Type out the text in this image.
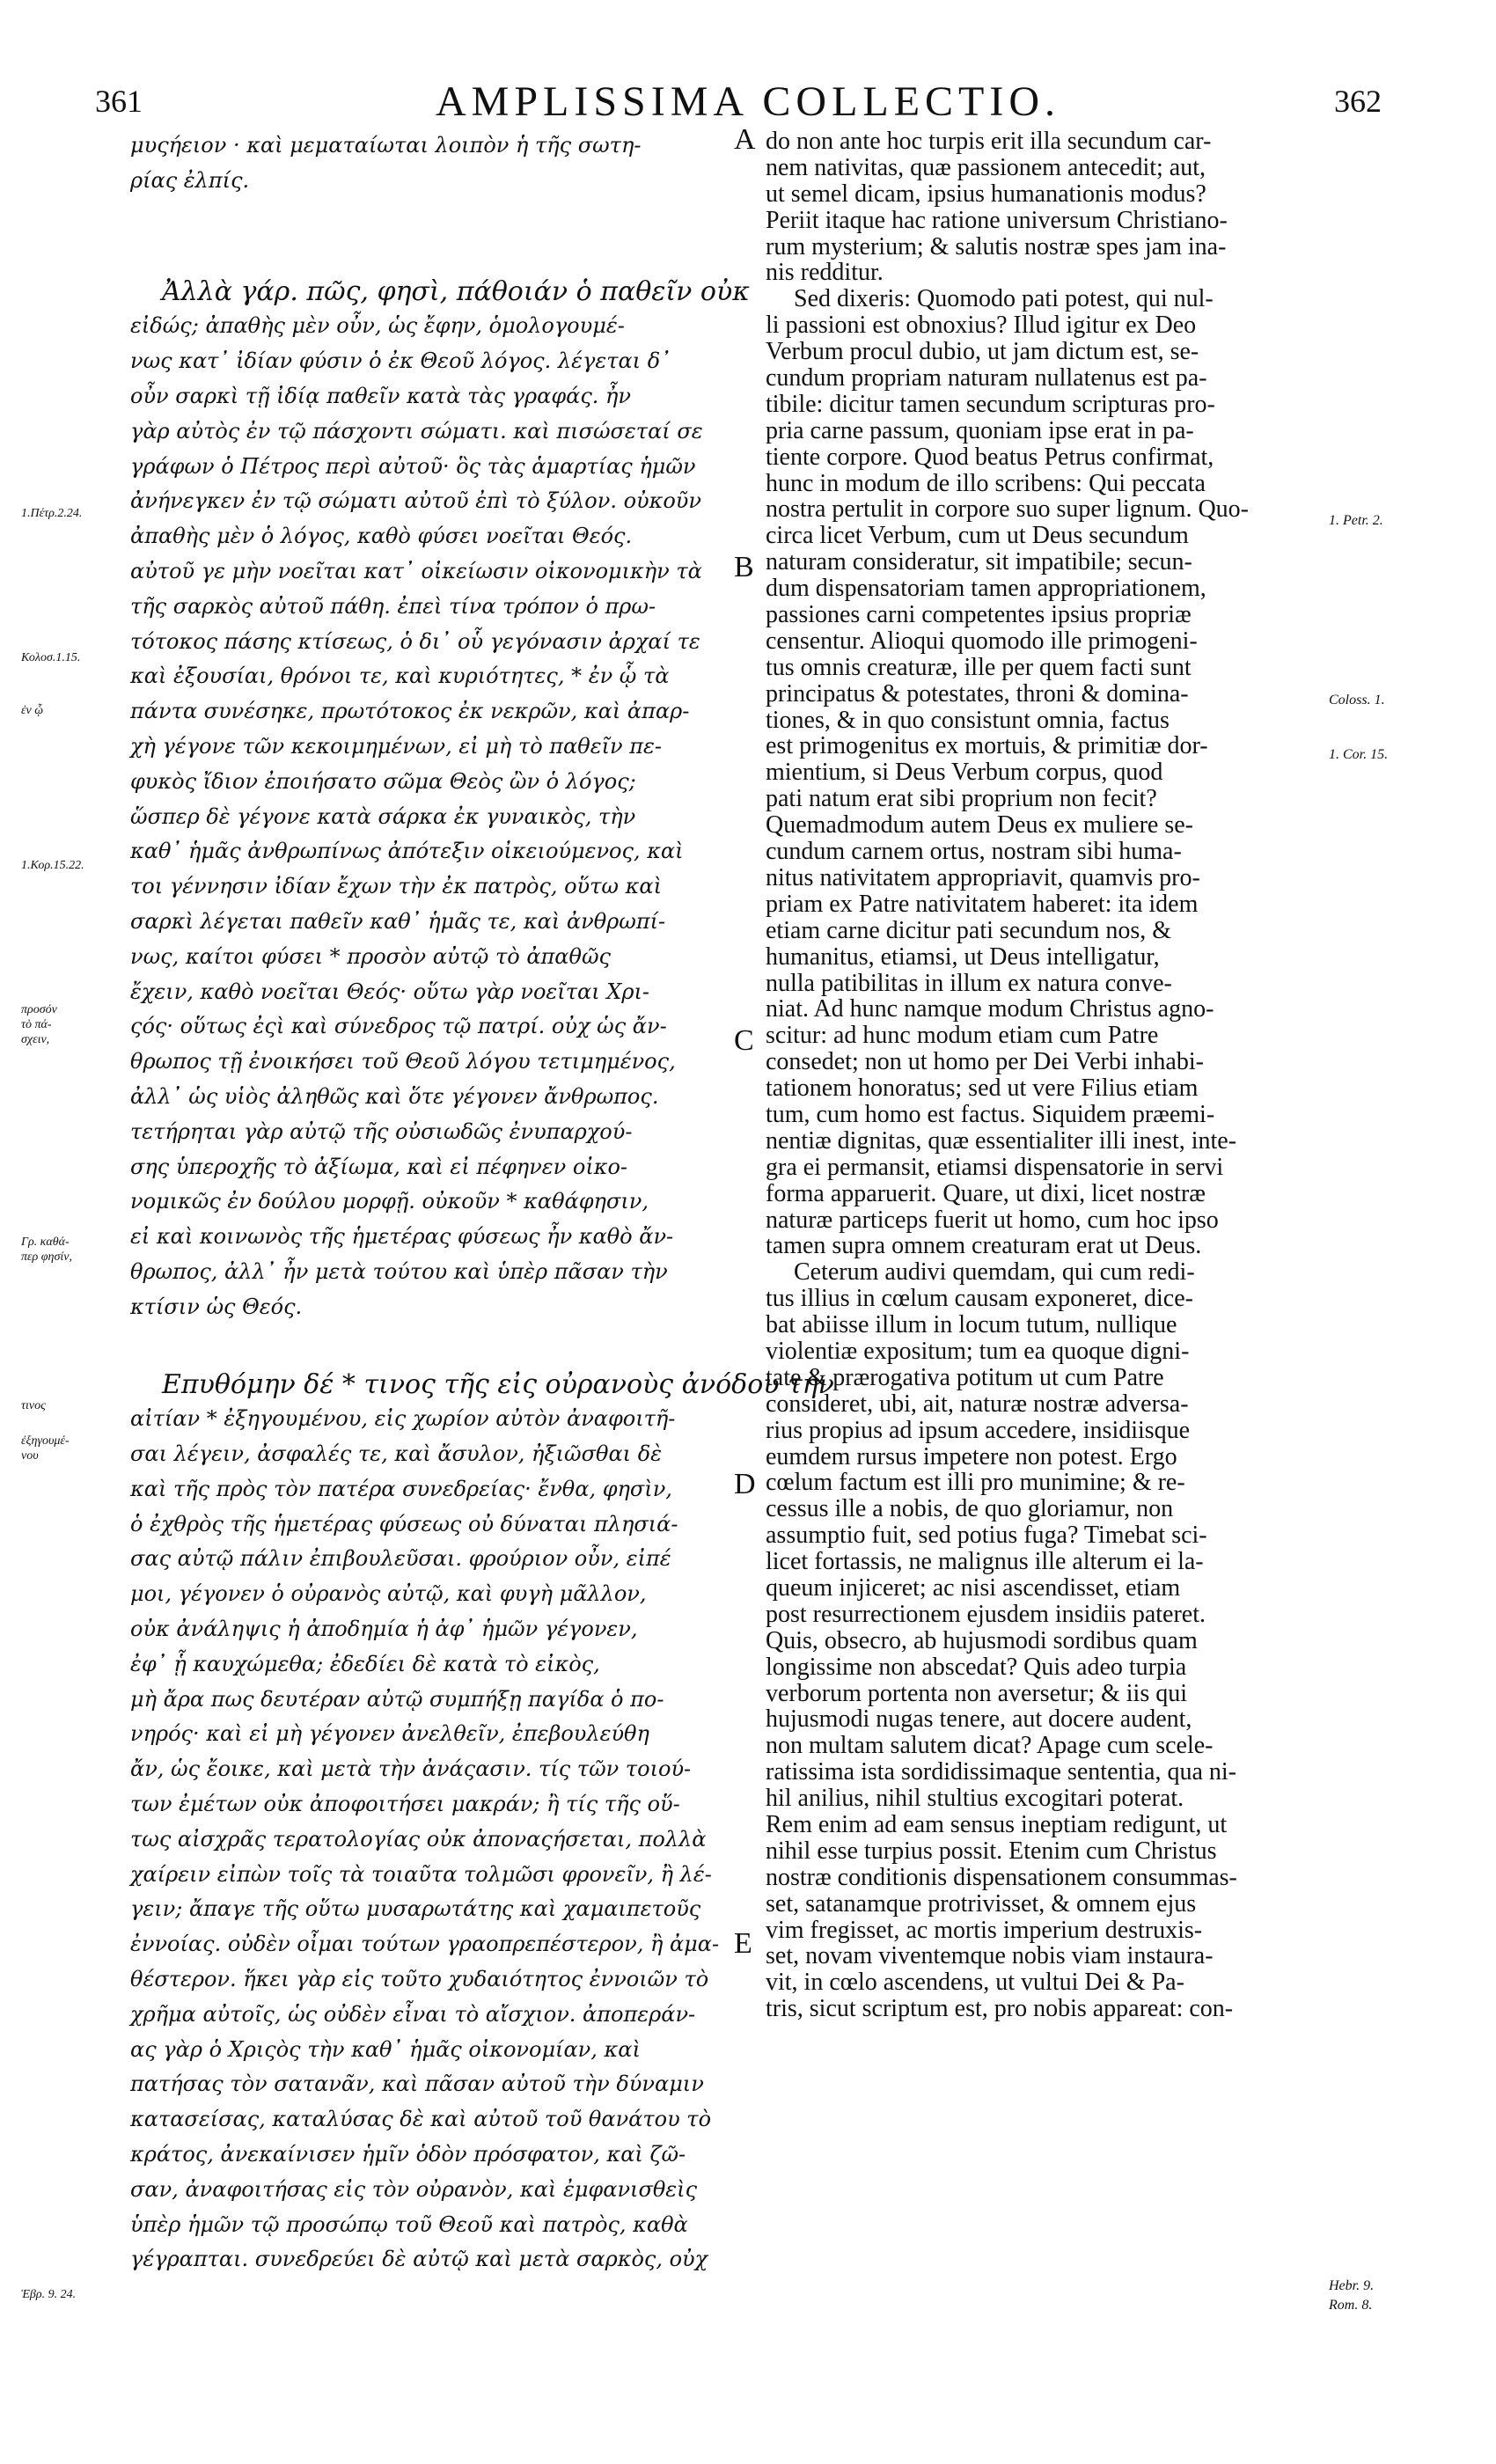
361	AMPLISSIMA COLLECTIO.	362
μυςήειον · καὶ μεματαίωται λοιπὸν ἡ τῆς σωτη-
ρίας ἐλπίς.
Ἀλλὰ γάρ. πῶς, φησὶ, πάθοιάν ὁ παθεῖν οὐκ
εἰδώς; ἀπαθὴς μὲν οὖν, ὡς ἔφην, ὁμολογουμέ-
νως κατ᾽ ἰδίαν φύσιν ὁ ἐκ Θεοῦ λόγος. λέγεται δ᾽
οὖν σαρκὶ τῇ ἰδίᾳ παθεῖν κατὰ τὰς γραφάς. ἦν
γὰρ αὐτὸς ἐν τῷ πάσχοντι σώματι. καὶ πισώσεταί σε
γράφων ὁ Πέτρος περὶ αὐτοῦ· ὃς τὰς ἁμαρτίας ἡμῶν
ἀνήνεγκεν ἐν τῷ σώματι αὐτοῦ ἐπὶ τὸ ξύλον. οὐκοῦν
ἀπαθὴς μὲν ὁ λόγος, καθὸ φύσει νοεῖται Θεός.
αὐτοῦ γε μὴν νοεῖται κατ᾽ οἰκείωσιν οἰκονομικὴν τὰ
τῆς σαρκὸς αὐτοῦ πάθη. ἐπεὶ τίνα τρόπον ὁ πρω-
τότοκος πάσης κτίσεως, ὁ δι᾽ οὗ γεγόνασιν ἀρχαί τε
καὶ ἐξουσίαι, θρόνοι τε, καὶ κυριότητες, * ἐν ᾧ τὰ
πάντα συνέσηκε, πρωτότοκος ἐκ νεκρῶν, καὶ ἀπαρ-
χὴ γέγονε τῶν κεκοιμημένων, εἰ μὴ τὸ παθεῖν πε-
φυκὸς ἴδιον ἐποιήσατο σῶμα Θεὸς ὢν ὁ λόγος;
ὥσπερ δὲ γέγονε κατὰ σάρκα ἐκ γυναικὸς, τὴν
καθ᾽ ἡμᾶς ἀνθρωπίνως ἀπότεξιν οἰκειούμενος, καὶ
τοι γέννησιν ἰδίαν ἔχων τὴν ἐκ πατρὸς, οὕτω καὶ
σαρκὶ λέγεται παθεῖν καθ᾽ ἡμᾶς τε, καὶ ἀνθρωπί-
νως, καίτοι φύσει * προσὸν αὐτῷ τὸ ἀπαθῶς
ἔχειν, καθὸ νοεῖται Θεός· οὕτω γὰρ νοεῖται Χρι-
ςός· οὕτως ἐςὶ καὶ σύνεδρος τῷ πατρί. οὐχ ὡς ἄν-
θρωπος τῇ ἐνοικήσει τοῦ Θεοῦ λόγου τετιμημένος,
ἀλλ᾽ ὡς υἱὸς ἀληθῶς καὶ ὅτε γέγονεν ἄνθρωπος.
τετήρηται γὰρ αὐτῷ τῆς οὐσιωδῶς ἐνυπαρχού-
σης ὑπεροχῆς τὸ ἀξίωμα, καὶ εἰ πέφηνεν οἰκο-
νομικῶς ἐν δούλου μορφῇ. οὐκοῦν * καθάφησιν,
εἰ καὶ κοινωνὸς τῆς ἡμετέρας φύσεως ἦν καθὸ ἄν-
θρωπος, ἀλλ᾽ ἦν μετὰ τούτου καὶ ὑπὲρ πᾶσαν τὴν
κτίσιν ὡς Θεός.
Επυθόμην δέ * τινος τῆς εἰς οὐρανοὺς ἀνόδου τὴν
αἰτίαν * ἐξηγουμένου, εἰς χωρίον αὐτὸν ἀναφοιτῆ-
σαι λέγειν, ἀσφαλές τε, καὶ ἄσυλον, ἠξιῶσθαι δὲ
καὶ τῆς πρὸς τὸν πατέρα συνεδρείας· ἔνθα, φησὶν,
ὁ ἐχθρὸς τῆς ἡμετέρας φύσεως οὐ δύναται πλησιά-
σας αὐτῷ πάλιν ἐπιβουλεῦσαι. φρούριον οὖν, εἰπέ
μοι, γέγονεν ὁ οὐρανὸς αὐτῷ, καὶ φυγὴ μᾶλλον,
οὐκ ἀνάληψις ἡ ἀποδημία ἡ ἀφ᾽ ἡμῶν γέγονεν,
ἐφ᾽ ᾗ καυχώμεθα; ἐδεδίει δὲ κατὰ τὸ εἰκὸς,
μὴ ἄρα πως δευτέραν αὐτῷ συμπήξῃ παγίδα ὁ πο-
νηρός· καὶ εἰ μὴ γέγονεν ἀνελθεῖν, ἐπεβουλεύθη
ἄν, ὡς ἔοικε, καὶ μετὰ τὴν ἀνάςασιν. τίς τῶν τοιού-
των ἐμέτων οὐκ ἀποφοιτήσει μακράν; ἢ τίς τῆς οὕ-
τως αἰσχρᾶς τερατολογίας οὐκ ἀποναςήσεται, πολλὰ
χαίρειν εἰπὼν τοῖς τὰ τοιαῦτα τολμῶσι φρονεῖν, ἢ λέ-
γειν; ἄπαγε τῆς οὕτω μυσαρωτάτης καὶ χαμαιπετοῦς
ἐννοίας. οὐδὲν οἶμαι τούτων γραοπρεπέστερον, ἢ ἀμα-
θέστερον. ἥκει γὰρ εἰς τοῦτο χυδαιότητος ἐννοιῶν τὸ
χρῆμα αὐτοῖς, ὡς οὐδὲν εἶναι τὸ αἴσχιον. ἀποπεράν-
ας γὰρ ὁ Χριςὸς τὴν καθ᾽ ἡμᾶς οἰκονομίαν, καὶ
πατήσας τὸν σατανᾶν, καὶ πᾶσαν αὐτοῦ τὴν δύναμιν
κατασείσας, καταλύσας δὲ καὶ αὐτοῦ τοῦ θανάτου τὸ
κράτος, ἀνεκαίνισεν ἡμῖν ὁδὸν πρόσφατον, καὶ ζῶ-
σαν, ἀναφοιτήσας εἰς τὸν οὐρανὸν, καὶ ἐμφανισθεὶς
ὑπὲρ ἡμῶν τῷ προσώπῳ τοῦ Θεοῦ καὶ πατρὸς, καθὰ
γέγραπται. συνεδρεύει δὲ αὐτῷ καὶ μετὰ σαρκὸς, οὐχ
do non ante hoc turpis erit illa secundum car-
nem nativitas, quæ passionem antecedit; aut,
ut semel dicam, ipsius humanationis modus?
Periit itaque hac ratione universum Christiano-
rum mysterium; & salutis nostræ spes jam ina-
nis redditur.
Sed dixeris: Quomodo pati potest, qui nul-
li passioni est obnoxius? Illud igitur ex Deo
Verbum procul dubio, ut jam dictum est, se-
cundum propriam naturam nullatenus est pa-
tibile: dicitur tamen secundum scripturas pro-
pria carne passum, quoniam ipse erat in pa-
tiente corpore. Quod beatus Petrus confirmat,
hunc in modum de illo scribens: Qui peccata
nostra pertulit in corpore suo super lignum. Quo-
circa licet Verbum, cum ut Deus secundum
naturam consideratur, sit impatibile; secun-
dum dispensatoriam tamen appropriationem,
passiones carni competentes ipsius propriæ
censentur. Alioqui quomodo ille primogeni-
tus omnis creaturæ, ille per quem facti sunt
principatus & potestates, throni & domina-
tiones, & in quo consistunt omnia, factus
est primogenitus ex mortuis, & primitiæ dor-
mientium, si Deus Verbum corpus, quod
pati natum erat sibi proprium non fecit?
Quemadmodum autem Deus ex muliere se-
cundum carnem ortus, nostram sibi huma-
nitus nativitatem appropriavit, quamvis pro-
priam ex Patre nativitatem haberet: ita idem
etiam carne dicitur pati secundum nos, &
humanitus, etiamsi, ut Deus intelligatur,
nulla patibilitas in illum ex natura conve-
niat. Ad hunc namque modum Christus agno-
scitur: ad hunc modum etiam cum Patre
consedet; non ut homo per Dei Verbi inhabi-
tationem honoratus; sed ut vere Filius etiam
tum, cum homo est factus. Siquidem præemi-
nentiæ dignitas, quæ essentialiter illi inest, inte-
gra ei permansit, etiamsi dispensatorie in servi
forma apparuerit. Quare, ut dixi, licet nostræ
naturæ particeps fuerit ut homo, cum hoc ipso
tamen supra omnem creaturam erat ut Deus.
Ceterum audivi quemdam, qui cum redi-
tus illius in cœlum causam exponeret, dice-
bat abiisse illum in locum tutum, nullique
violentiæ expositum; tum ea quoque digni-
tate & prærogativa potitum ut cum Patre
consideret, ubi, ait, naturæ nostræ adversa-
rius propius ad ipsum accedere, insidiisque
eumdem rursus impetere non potest. Ergo
cœlum factum est illi pro munimine; & re-
cessus ille a nobis, de quo gloriamur, non
assumptio fuit, sed potius fuga? Timebat sci-
licet fortassis, ne malignus ille alterum ei la-
queum injiceret; ac nisi ascendisset, etiam
post resurrectionem ejusdem insidiis pateret.
Quis, obsecro, ab hujusmodi sordibus quam
longissime non abscedat? Quis adeo turpia
verborum portenta non aversetur; & iis qui
hujusmodi nugas tenere, aut docere audent,
non multam salutem dicat? Apage cum scele-
ratissima ista sordidissimaque sententia, qua ni-
hil anilius, nihil stultius excogitari poterat.
Rem enim ad eam sensus ineptiam redigunt, ut
nihil esse turpius possit. Etenim cum Christus
nostræ conditionis dispensationem consummas-
set, satanamque protrivisset, & omnem ejus
vim fregisset, ac mortis imperium destruxis-
set, novam viventemque nobis viam instaura-
vit, in cœlo ascendens, ut vultui Dei & Pa-
tris, sicut scriptum est, pro nobis appareat: con-
A
B
C
D
E
1.Πέτρ.2.24.
Κολοσ.1.15.
ἐν ᾧ
1.Κορ.15.22.
προσόν
τὸ πά-
σχειν,
Γρ. καθά-
περ φησίν,
τινος
ἐξηγουμέ-
νου
Ἑβρ. 9. 24.
1. Petr. 2.
Coloss. 1.
1. Cor. 15.
Hebr. 9.
Rom. 8.
